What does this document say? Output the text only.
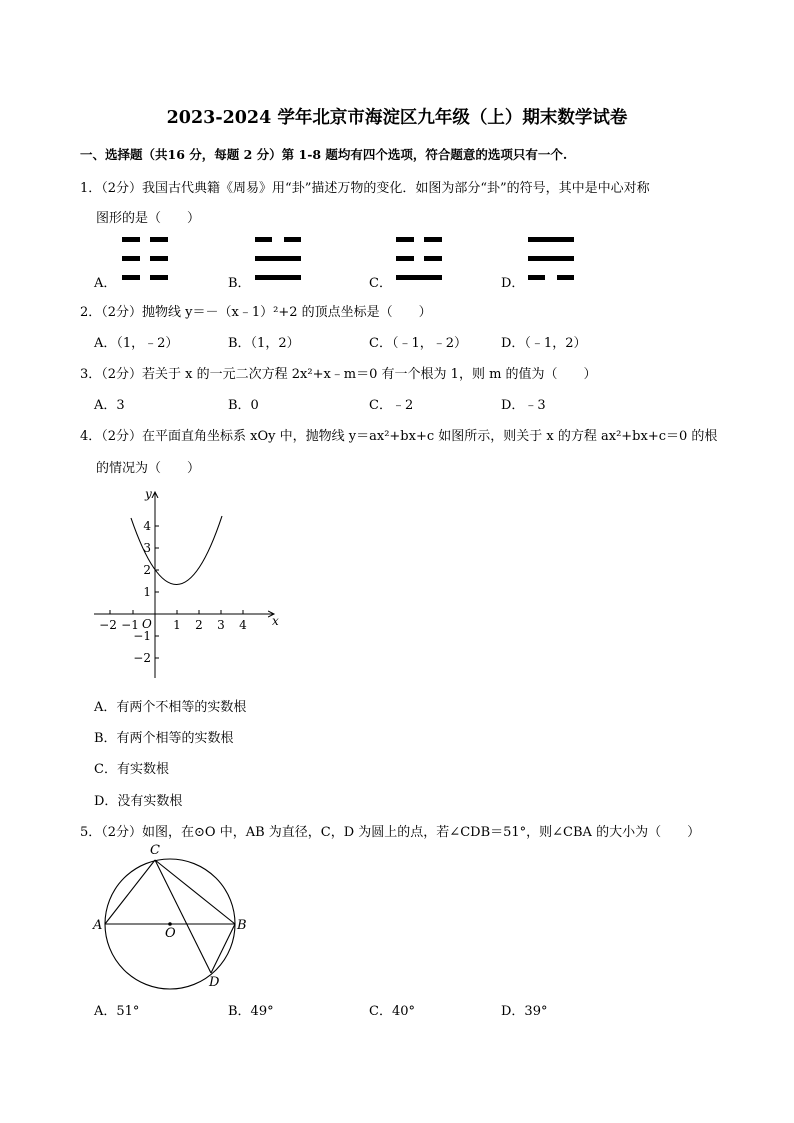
2023-2024 学年北京市海淀区九年级（上）期末数学试卷
一、选择题（共16 分，每题 2 分）第 1-8 题均有四个选项，符合题意的选项只有一个.
1．（2分）我国古代典籍《周易》用“卦”描述万物的变化．如图为部分“卦”的符号，其中是中心对称
图形的是（　　）
A．	B．	C．	D．
2．（2分）抛物线 y＝－（x﹣1）²+2 的顶点坐标是（　　）
A．（1，﹣2）	B．（1，2）	C．（﹣1，﹣2）	D．（﹣1，2）
3．（2分）若关于 x 的一元二次方程 2x²+x﹣m＝0 有一个根为 1，则 m 的值为（　　）
A．3	B．0	C．﹣2	D．﹣3
4．（2分）在平面直角坐标系 xOy 中，抛物线 y＝ax²+bx+c 如图所示，则关于 x 的方程 ax²+bx+c＝0 的根
的情况为（　　）
y
x
O
−2 −1	1 2 3 4
4
3
2
1
−1
−2
A．有两个不相等的实数根
B．有两个相等的实数根
C．有实数根
D．没有实数根
5．（2分）如图，在⊙O 中，AB 为直径，C，D 为圆上的点，若∠CDB＝51°，则∠CBA 的大小为（　　）
C
A	B
O
D
A．51°	B．49°	C．40°	D．39°
